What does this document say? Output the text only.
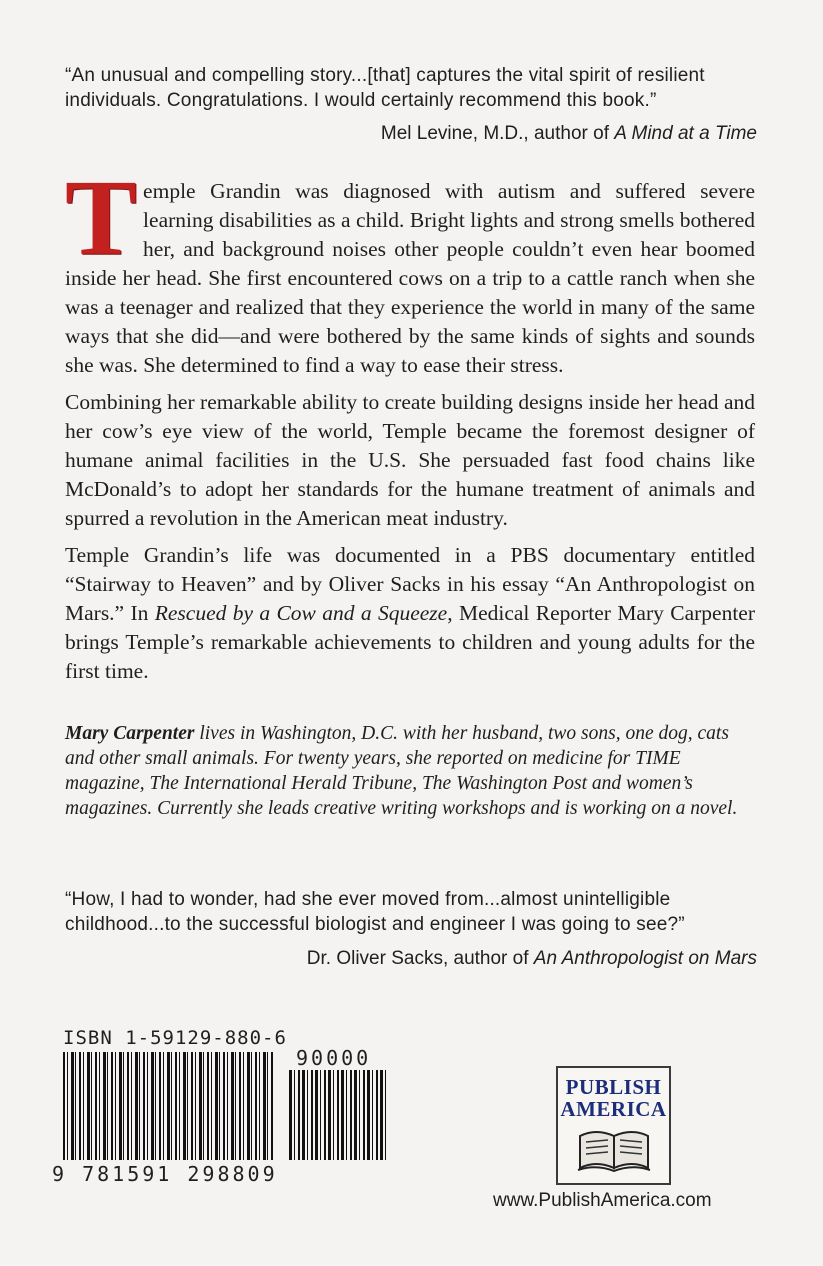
“An unusual and compelling story...[that] captures the vital spirit of resilient individuals. Congratulations. I would certainly recommend this book.”
Mel Levine, M.D., author of A Mind at a Time
Temple Grandin was diagnosed with autism and suffered severe learning disabilities as a child. Bright lights and strong smells bothered her, and background noises other people couldn’t even hear boomed inside her head. She first encountered cows on a trip to a cattle ranch when she was a teenager and realized that they experience the world in many of the same ways that she did—and were bothered by the same kinds of sights and sounds she was. She determined to find a way to ease their stress.
Combining her remarkable ability to create building designs inside her head and her cow’s eye view of the world, Temple became the foremost designer of humane animal facilities in the U.S. She persuaded fast food chains like McDonald’s to adopt her standards for the humane treatment of animals and spurred a revolution in the American meat industry.
Temple Grandin’s life was documented in a PBS documentary entitled “Stairway to Heaven” and by Oliver Sacks in his essay “An Anthropologist on Mars.” In Rescued by a Cow and a Squeeze, Medical Reporter Mary Carpenter brings Temple’s remarkable achievements to children and young adults for the first time.
Mary Carpenter lives in Washington, D.C. with her husband, two sons, one dog, cats and other small animals. For twenty years, she reported on medicine for TIME magazine, The International Herald Tribune, The Washington Post and women’s magazines. Currently she leads creative writing workshops and is working on a novel.
“How, I had to wonder, had she ever moved from...almost unintelligible childhood...to the successful biologist and engineer I was going to see?”
Dr. Oliver Sacks, author of An Anthropologist on Mars
ISBN 1-59129-880-6
90000
9 781591 298809
PUBLISH
AMERICA
www.PublishAmerica.com
